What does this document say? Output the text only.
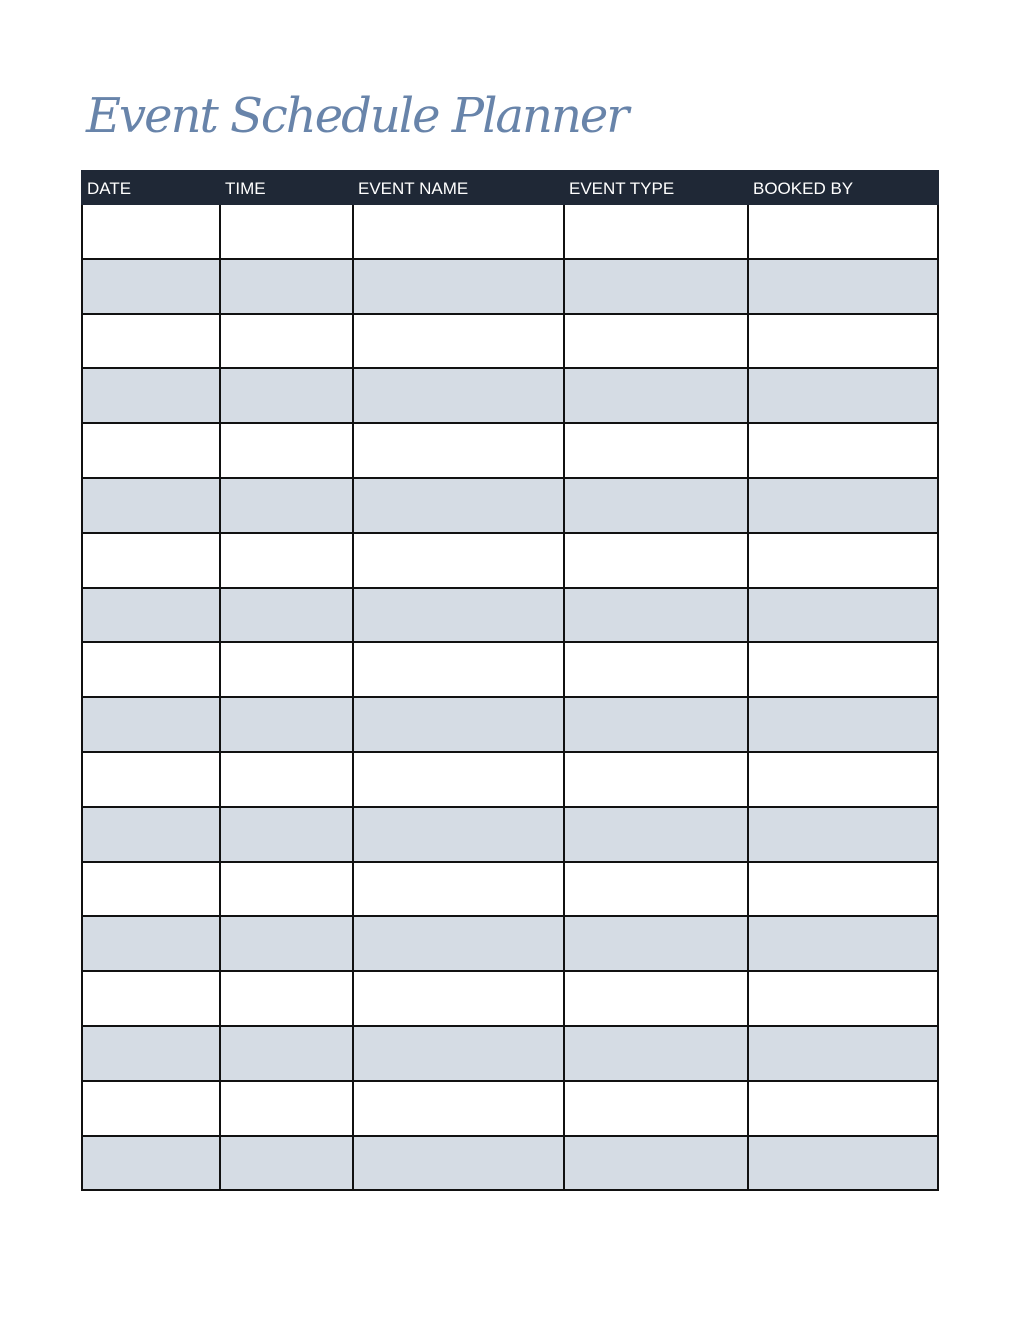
Event Schedule Planner
DATE	TIME	EVENT NAME	EVENT TYPE	BOOKED BY
